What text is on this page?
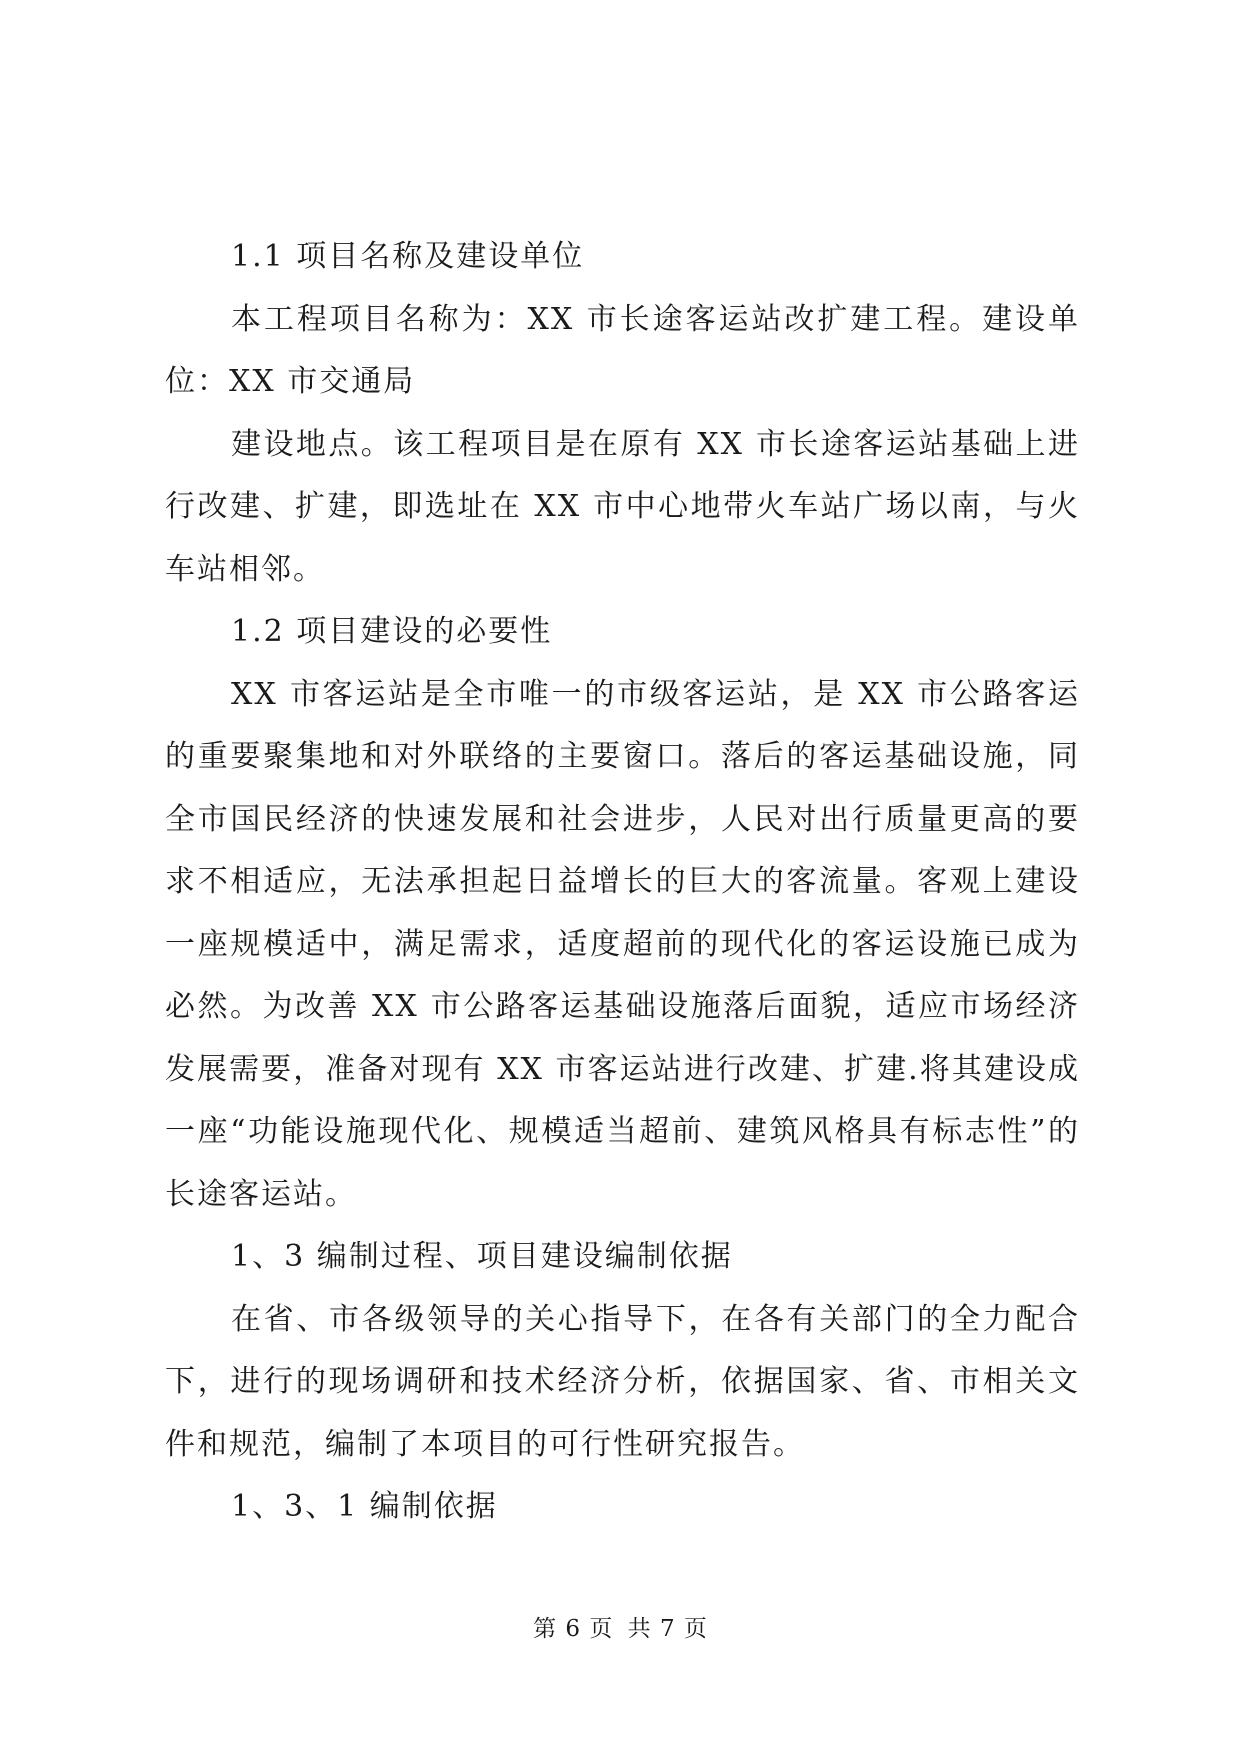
1.1 项目名称及建设单位

本工程项目名称为：XX 市长途客运站改扩建工程。建设单位：XX 市交通局

建设地点。该工程项目是在原有 XX 市长途客运站基础上进行改建、扩建，即选址在 XX 市中心地带火车站广场以南，与火车站相邻。

1.2 项目建设的必要性

XX 市客运站是全市唯一的市级客运站，是 XX 市公路客运的重要聚集地和对外联络的主要窗口。落后的客运基础设施，同全市国民经济的快速发展和社会进步，人民对出行质量更高的要求不相适应，无法承担起日益增长的巨大的客流量。客观上建设一座规模适中，满足需求，适度超前的现代化的客运设施已成为必然。为改善 XX 市公路客运基础设施落后面貌，适应市场经济发展需要，准备对现有 XX 市客运站进行改建、扩建.将其建设成一座“功能设施现代化、规模适当超前、建筑风格具有标志性”的长途客运站。

1、3 编制过程、项目建设编制依据

在省、市各级领导的关心指导下，在各有关部门的全力配合下，进行的现场调研和技术经济分析，依据国家、省、市相关文件和规范，编制了本项目的可行性研究报告。

1、3、1 编制依据

第 6 页 共 7 页
